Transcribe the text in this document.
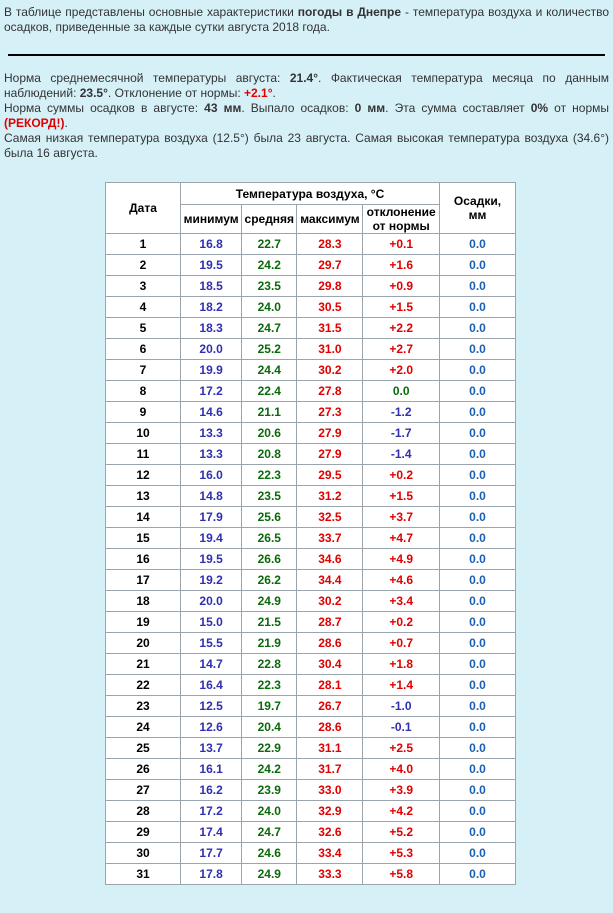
В таблице представлены основные характеристики погоды в Днепре - температура воздуха и количество осадков, приведенные за каждые сутки августа 2018 года.

Норма среднемесячной температуры августа: 21.4°. Фактическая температура месяца по данным наблюдений: 23.5°. Отклонение от нормы: +2.1°.

Норма суммы осадков в августе: 43 мм. Выпало осадков: 0 мм. Эта сумма составляет 0% от нормы (РЕКОРД!).

Самая низкая температура воздуха (12.5°) была 23 августа. Самая высокая температура воздуха (34.6°) была 16 августа.

Дата	Температура воздуха, °С				Осадки,
мм
	минимум	средняя	максимум	отклонение
от нормы	
1	16.8	22.7	28.3	+0.1	0.0
2	19.5	24.2	29.7	+1.6	0.0
3	18.5	23.5	29.8	+0.9	0.0
4	18.2	24.0	30.5	+1.5	0.0
5	18.3	24.7	31.5	+2.2	0.0
6	20.0	25.2	31.0	+2.7	0.0
7	19.9	24.4	30.2	+2.0	0.0
8	17.2	22.4	27.8	0.0	0.0
9	14.6	21.1	27.3	-1.2	0.0
10	13.3	20.6	27.9	-1.7	0.0
11	13.3	20.8	27.9	-1.4	0.0
12	16.0	22.3	29.5	+0.2	0.0
13	14.8	23.5	31.2	+1.5	0.0
14	17.9	25.6	32.5	+3.7	0.0
15	19.4	26.5	33.7	+4.7	0.0
16	19.5	26.6	34.6	+4.9	0.0
17	19.2	26.2	34.4	+4.6	0.0
18	20.0	24.9	30.2	+3.4	0.0
19	15.0	21.5	28.7	+0.2	0.0
20	15.5	21.9	28.6	+0.7	0.0
21	14.7	22.8	30.4	+1.8	0.0
22	16.4	22.3	28.1	+1.4	0.0
23	12.5	19.7	26.7	-1.0	0.0
24	12.6	20.4	28.6	-0.1	0.0
25	13.7	22.9	31.1	+2.5	0.0
26	16.1	24.2	31.7	+4.0	0.0
27	16.2	23.9	33.0	+3.9	0.0
28	17.2	24.0	32.9	+4.2	0.0
29	17.4	24.7	32.6	+5.2	0.0
30	17.7	24.6	33.4	+5.3	0.0
31	17.8	24.9	33.3	+5.8	0.0
